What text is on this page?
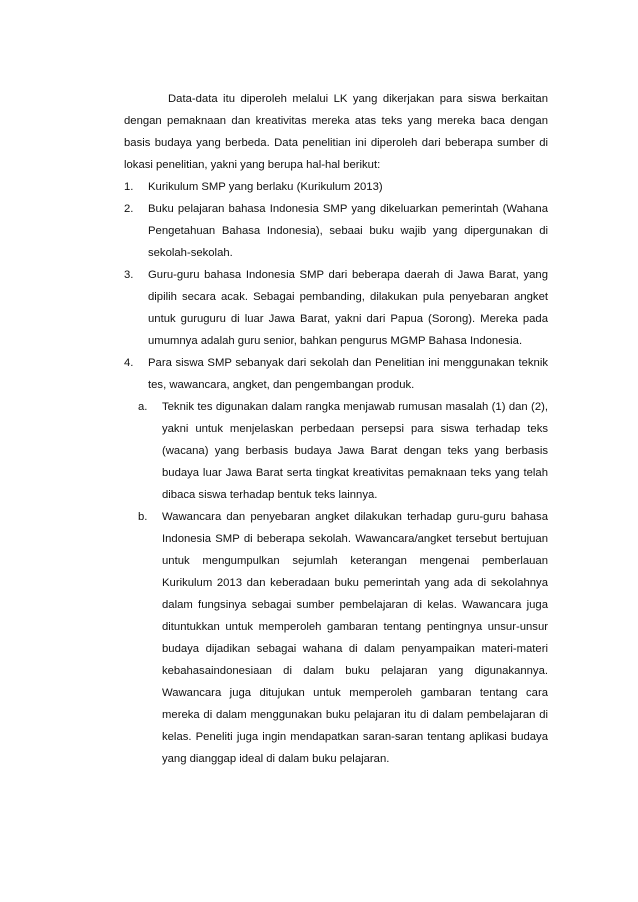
Data-data itu diperoleh melalui LK yang dikerjakan para siswa berkaitan dengan pemaknaan dan kreativitas mereka atas teks yang mereka baca dengan basis budaya yang berbeda. Data penelitian ini diperoleh dari beberapa sumber di lokasi penelitian, yakni yang berupa hal-hal berikut:

1. Kurikulum SMP yang berlaku (Kurikulum 2013)
2. Buku pelajaran bahasa Indonesia SMP yang dikeluarkan pemerintah (Wahana Pengetahuan Bahasa Indonesia), sebaai buku wajib yang dipergunakan di sekolah-sekolah.
3. Guru-guru bahasa Indonesia SMP dari beberapa daerah di Jawa Barat, yang dipilih secara acak. Sebagai pembanding, dilakukan pula penyebaran angket untuk guruguru di luar Jawa Barat, yakni dari Papua (Sorong). Mereka pada umumnya adalah guru senior, bahkan pengurus MGMP Bahasa Indonesia.
4. Para siswa SMP sebanyak dari sekolah dan Penelitian ini menggunakan teknik tes, wawancara, angket, dan pengembangan produk.
a. Teknik tes digunakan dalam rangka menjawab rumusan masalah (1) dan (2), yakni untuk menjelaskan perbedaan persepsi para siswa terhadap teks (wacana) yang berbasis budaya Jawa Barat dengan teks yang berbasis budaya luar Jawa Barat serta tingkat kreativitas pemaknaan teks yang telah dibaca siswa terhadap bentuk teks lainnya.
b. Wawancara dan penyebaran angket dilakukan terhadap guru-guru bahasa Indonesia SMP di beberapa sekolah. Wawancara/angket tersebut bertujuan untuk mengumpulkan sejumlah keterangan mengenai pemberlauan Kurikulum 2013 dan keberadaan buku pemerintah yang ada di sekolahnya dalam fungsinya sebagai sumber pembelajaran di kelas. Wawancara juga dituntukkan untuk memperoleh gambaran tentang pentingnya unsur-unsur budaya dijadikan sebagai wahana di dalam penyampaikan materi-materi kebahasaindonesiaan di dalam buku pelajaran yang digunakannya. Wawancara juga ditujukan untuk memperoleh gambaran tentang cara mereka di dalam menggunakan buku pelajaran itu di dalam pembelajaran di kelas. Peneliti juga ingin mendapatkan saran-saran tentang aplikasi budaya yang dianggap ideal di dalam buku pelajaran.
